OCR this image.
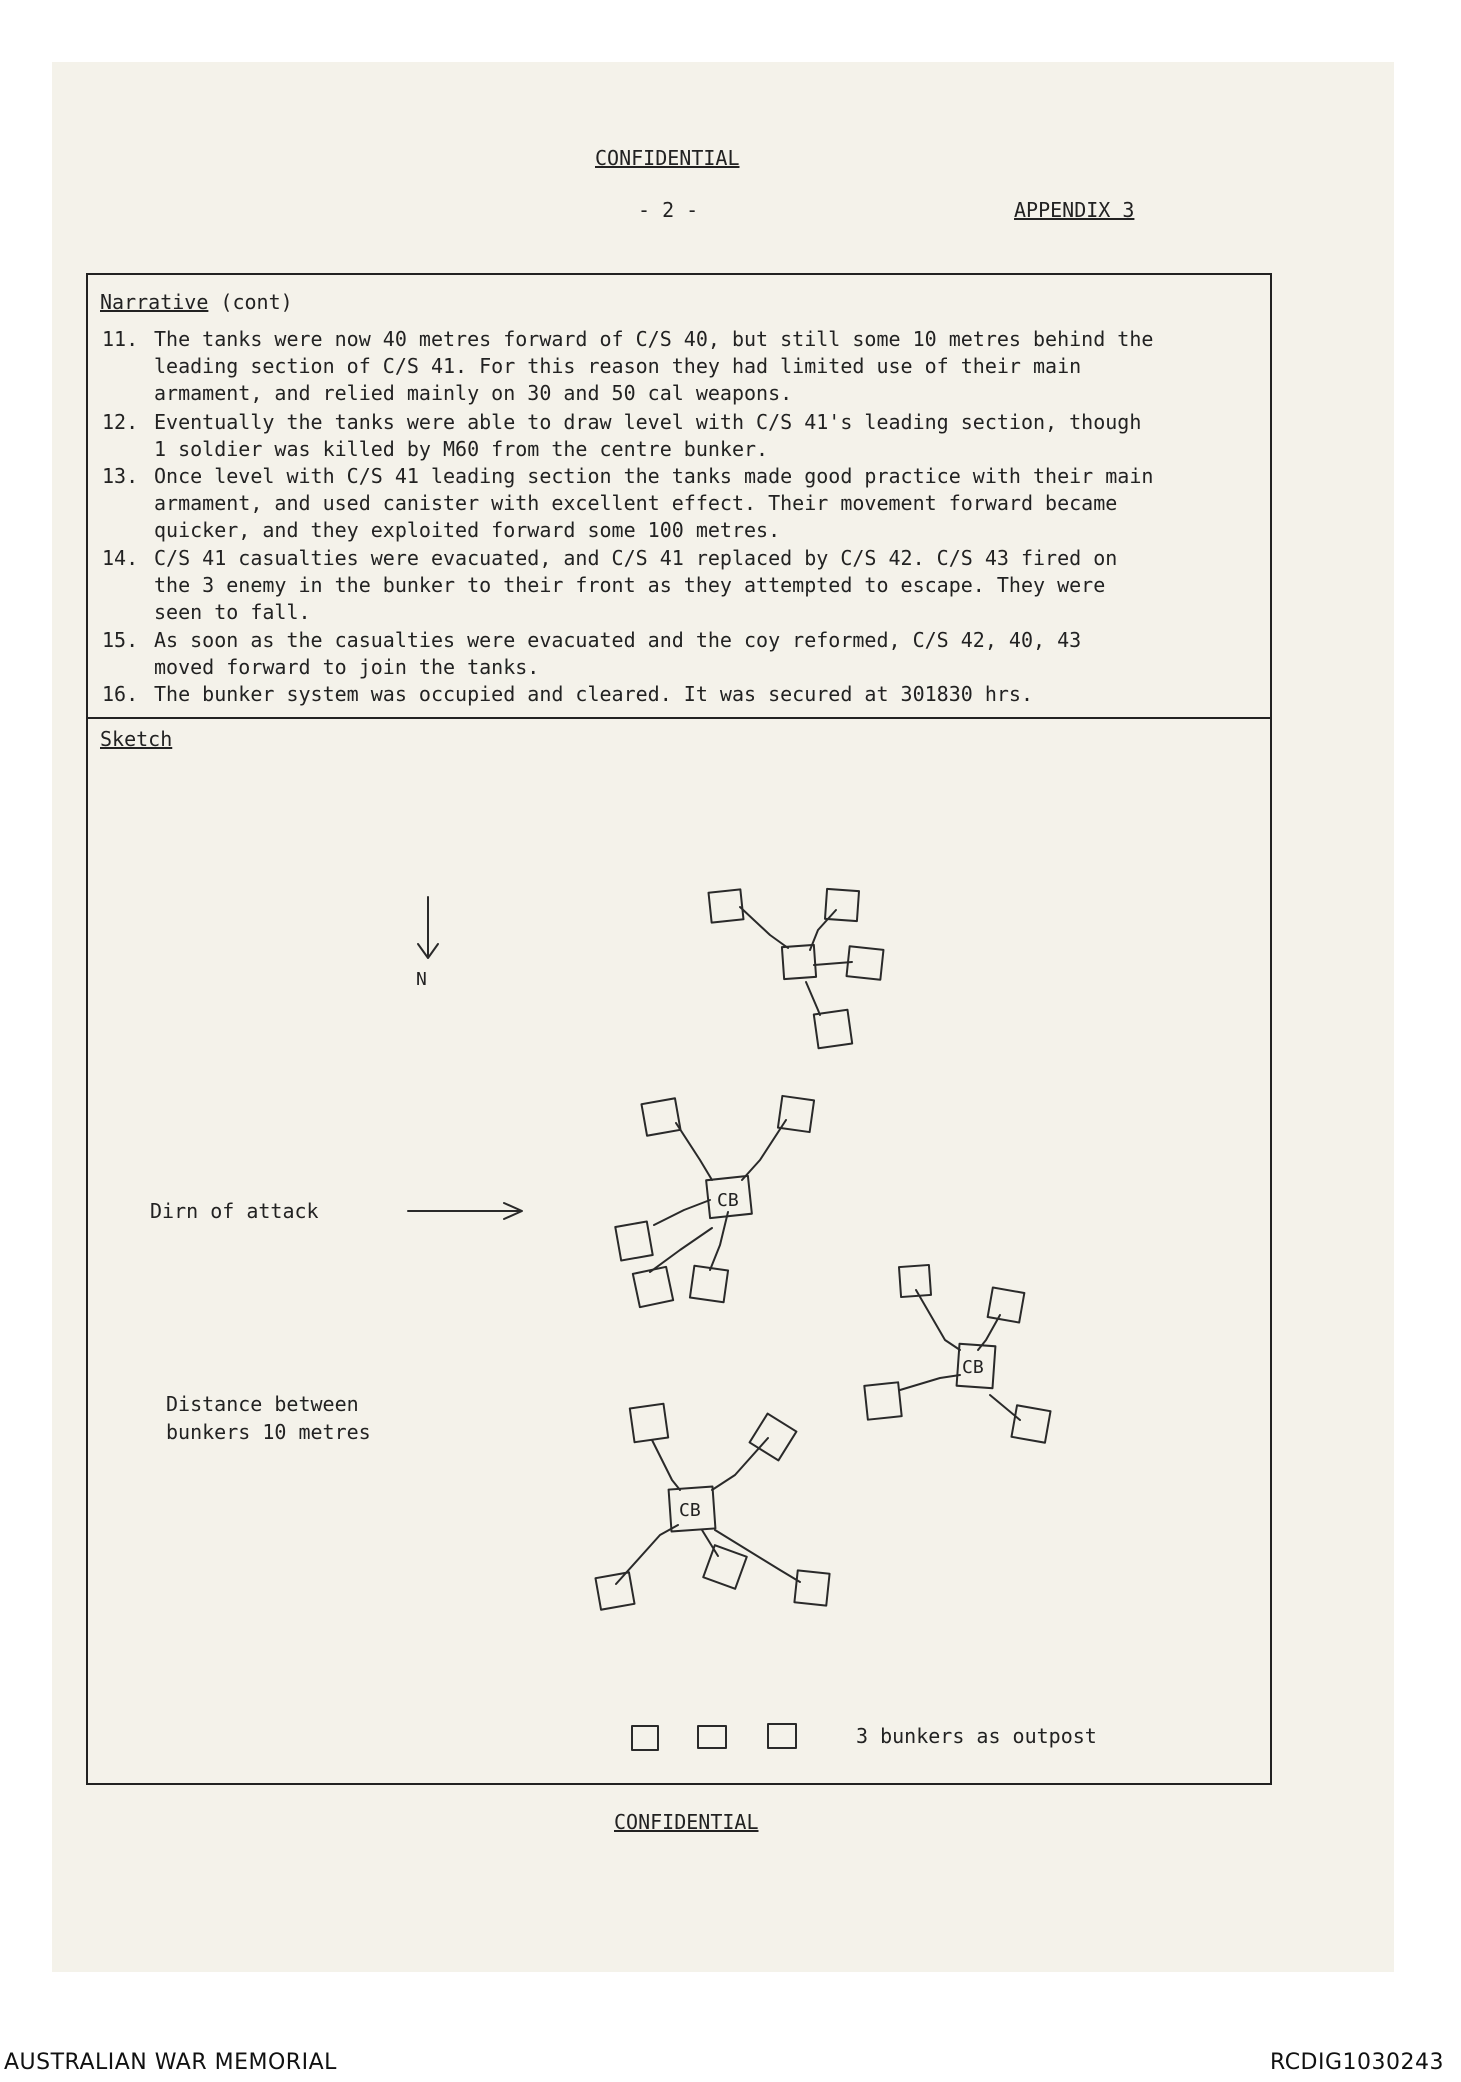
CONFIDENTIAL
- 2 -	APPENDIX 3
Narrative (cont)
11. The tanks were now 40 metres forward of C/S 40, but still some 10 metres behind the
leading section of C/S 41. For this reason they had limited use of their main
armament, and relied mainly on 30 and 50 cal weapons.
12. Eventually the tanks were able to draw level with C/S 41's leading section, though
1 soldier was killed by M60 from the centre bunker.
13. Once level with C/S 41 leading section the tanks made good practice with their main
armament, and used canister with excellent effect. Their movement forward became
quicker, and they exploited forward some 100 metres.
14. C/S 41 casualties were evacuated, and C/S 41 replaced by C/S 42. C/S 43 fired on
the 3 enemy in the bunker to their front as they attempted to escape. They were
seen to fall.
15. As soon as the casualties were evacuated and the coy reformed, C/S 42, 40, 43
moved forward to join the tanks.
16. The bunker system was occupied and cleared. It was secured at 301830 hrs.
Sketch
N
Dirn of attack
Distance between
bunkers 10 metres
CB
CB
CB
3 bunkers as outpost
CONFIDENTIAL
AUSTRALIAN WAR MEMORIAL	RCDIG1030243
